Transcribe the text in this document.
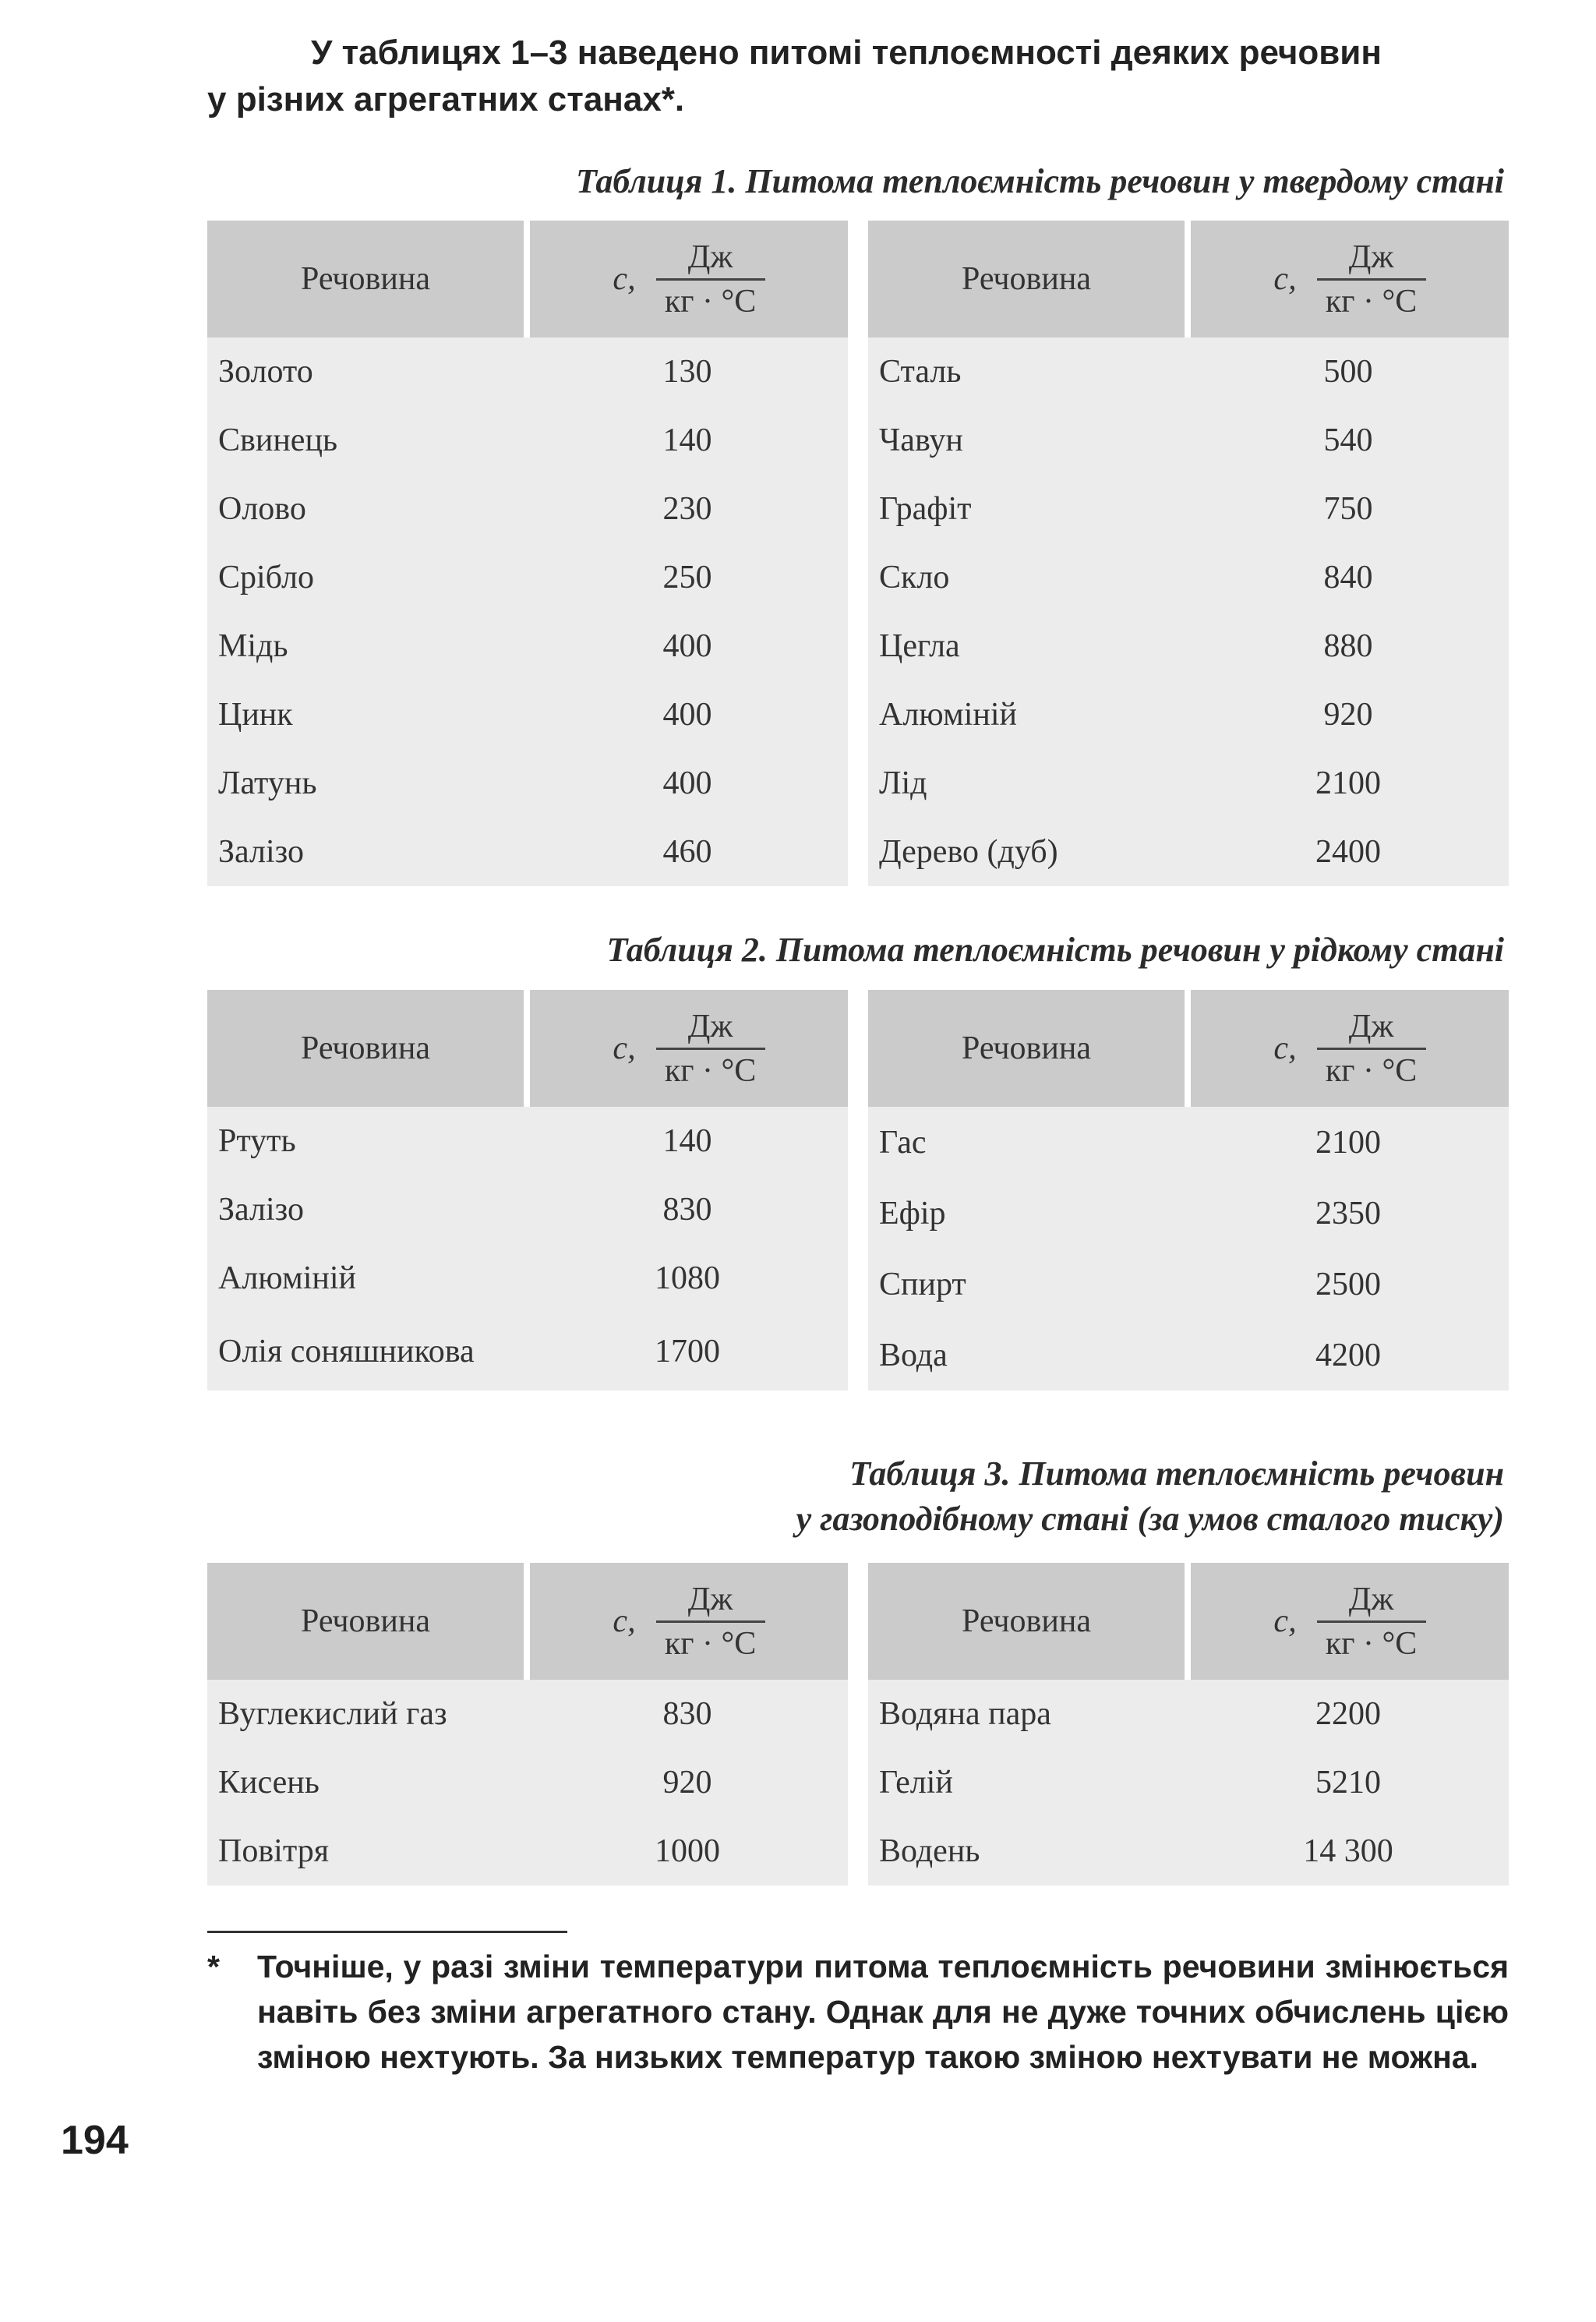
У таблицях 1–3 наведено питомі теплоємності деяких речовин
у різних агрегатних станах*.
Таблиця 1. Питома теплоємність речовин у твердому стані
Речовина	c, $\frac{Дж}{кг \cdot ^\circ С}$

Золото	130
Свинець	140
Олово	230
Срібло	250
Мідь	400
Цинк	400
Латунь	400
Залізо	460
Речовина	c, $\frac{Дж}{кг \cdot ^\circ С}$

Сталь	500
Чавун	540
Графіт	750
Скло	840
Цегла	880
Алюміній	920
Лід	2100
Дерево (дуб)	2400
Таблиця 2. Питома теплоємність речовин у рідкому стані
Речовина	c, $\frac{Дж}{кг \cdot ^\circ С}$

Ртуть	140
Залізо	830
Алюміній	1080
Олія соняшникова	1700
Речовина	c, $\frac{Дж}{кг \cdot ^\circ С}$

Гас	2100
Ефір	2350
Спирт	2500
Вода	4200
Таблиця 3. Питома теплоємність речовин
у газоподібному стані (за умов сталого тиску)
Речовина	c, $\frac{Дж}{кг \cdot ^\circ С}$

Вуглекислий газ	830
Кисень	920
Повітря	1000
Речовина	c, $\frac{Дж}{кг \cdot ^\circ С}$

Водяна пара	2200
Гелій	5210
Водень	14 300
*	Точніше, у разі зміни температури питома теплоємність речовини змінюється навіть без зміни агрегатного стану. Однак для не дуже точних обчислень цією зміною нехтують. За низьких температур такою зміною нехтувати не можна.
194
